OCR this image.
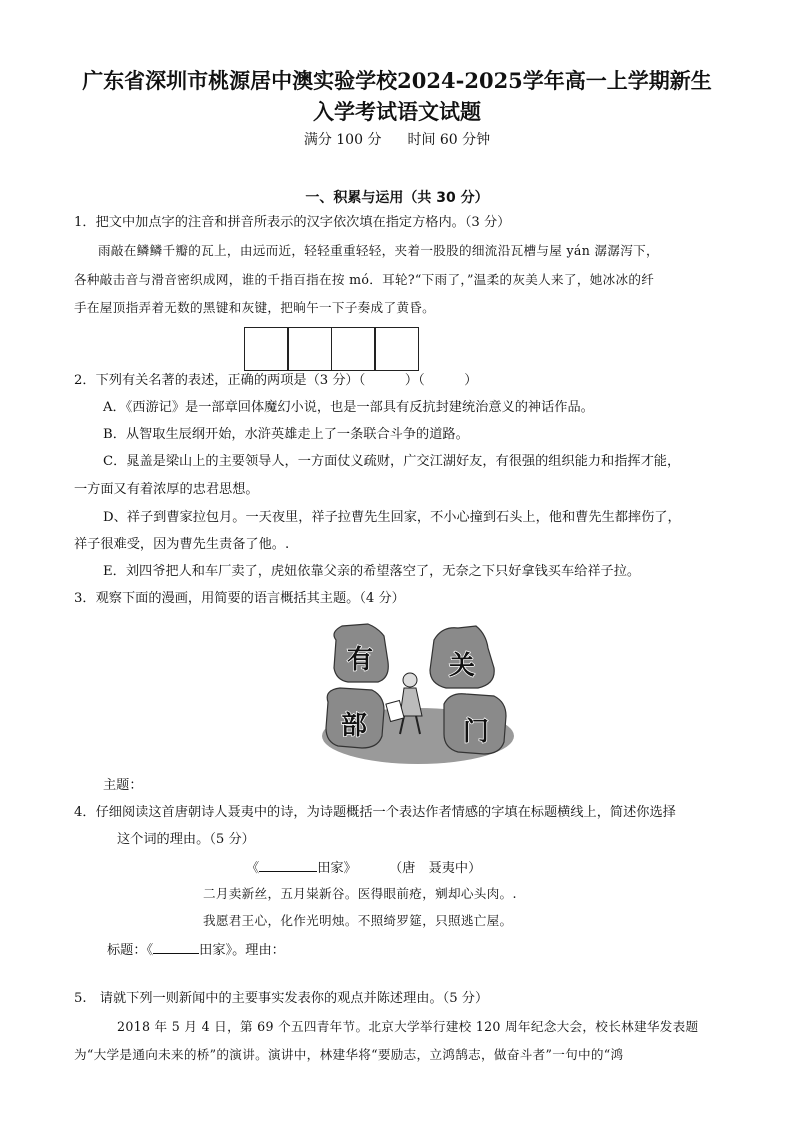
广东省深圳市桃源居中澳实验学校2024-2025学年高一上学期新生
入学考试语文试题
满分 100 分 时间 60 分钟
一、积累与运用（共 30 分）
1．把文中加点字的注音和拼音所表示的汉字依次填在指定方格内。（3 分）
雨敲在鳞鳞千瓣的瓦上，由远而近，轻轻重重轻轻，夹着一股股的细流沿瓦槽与屋 yán 潺潺泻下，
各种敲击音与滑音密织成网，谁的千指百指在按 mó．耳轮?“下雨了，”温柔的灰美人来了，她冰冰的纤
手在屋顶指弄着无数的黑键和灰键，把晌午一下子奏成了黄昏。
2．下列有关名著的表述，正确的两项是（3 分）（　　　）（　　　）
A．《西游记》是一部章回体魔幻小说，也是一部具有反抗封建统治意义的神话作品。
B．从智取生辰纲开始，水浒英雄走上了一条联合斗争的道路。
C．晁盖是梁山上的主要领导人，一方面仗义疏财，广交江湖好友，有很强的组织能力和指挥才能，
一方面又有着浓厚的忠君思想。
D、祥子到曹家拉包月。一天夜里，祥子拉曹先生回家，不小心撞到石头上，他和曹先生都摔伤了，
祥子很难受，因为曹先生责备了他。.
E．刘四爷把人和车厂卖了，虎妞依靠父亲的希望落空了，无奈之下只好拿钱买车给祥子拉。
3．观察下面的漫画，用简要的语言概括其主题。（4 分）
有	关
部	门
主题：
4．仔细阅读这首唐朝诗人聂夷中的诗，为诗题概括一个表达作者情感的字填在标题横线上，简述你选择
这个词的理由。（5 分）
《	田家》 （唐　聂夷中）
二月卖新丝，五月粜新谷。医得眼前疮，剜却心头肉。.
我愿君王心，化作光明烛。不照绮罗筵，只照逃亡屋。
标题：《	田家》。理由：
5.　请就下列一则新闻中的主要事实发表你的观点并陈述理由。（5 分）
2018 年 5 月 4 日，第 69 个五四青年节。北京大学举行建校 120 周年纪念大会，校长林建华发表题
为“大学是通向未来的桥”的演讲。演讲中，林建华将“要励志，立鸿鹄志，做奋斗者”一句中的“鸿
